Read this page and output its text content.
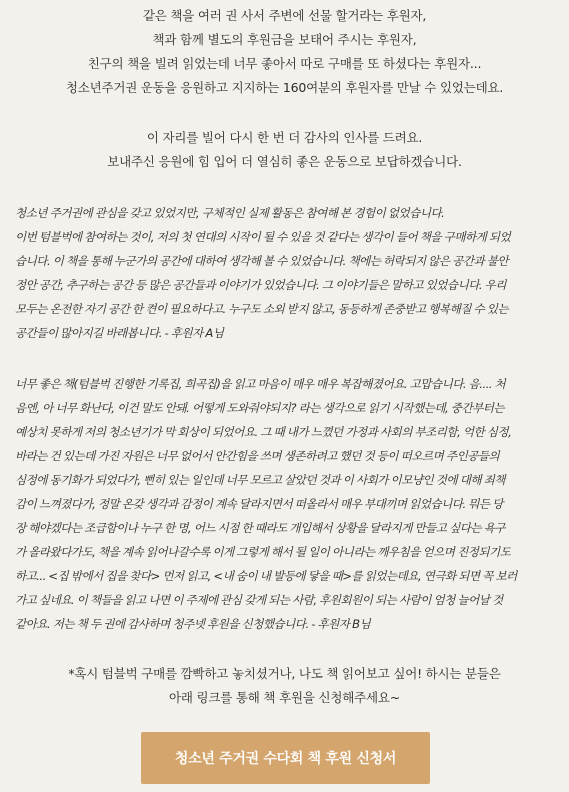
같은 책을 여러 권 사서 주변에 선물 할거라는 후원자,
책과 함께 별도의 후원금을 보태어 주시는 후원자,
친구의 책을 빌려 읽었는데 너무 좋아서 따로 구매를 또 하셨다는 후원자...
청소년주거권 운동을 응원하고 지지하는 160여분의 후원자를 만날 수 있었는데요.
이 자리를 빌어 다시 한 번 더 감사의 인사를 드려요.
보내주신 응원에 힘 입어 더 열심히 좋은 운동으로 보답하겠습니다.
청소년 주거권에 관심을 갖고 있었지만, 구체적인 실제 활동은 참여해 본 경험이 없었습니다.
이번 텀블벅에 참여하는 것이, 저의 첫 연대의 시작이 될 수 있을 것 같다는 생각이 들어 책을 구매하게 되었
습니다. 이 책을 통해 누군가의 공간에 대하여 생각해 볼 수 있었습니다. 책에는 허락되지 않은 공간과 불안
정안 공간, 추구하는 공간 등 많은 공간들과 이야기가 있었습니다. 그 이야기들은 말하고 있었습니다. 우리
모두는 온전한 자기 공간 한 켠이 필요하다고. 누구도 소외 받지 않고, 동등하게 존중받고 행복해질 수 있는
공간들이 많아지길 바래봅니다. - 후원자 A님
너무 좋은 책(텀블벅 진행한 기록집, 희곡집)을 읽고 마음이 매우 매우 복잡해졌어요. 고맙습니다. 음.... 처
음엔, 아 너무 화난다, 이건 말도 안돼. 어떻게 도와줘야되지? 라는 생각으로 읽기 시작했는데, 중간부터는
예상치 못하게 저의 청소년기가 막 회상이 되었어요. 그 때 내가 느꼈던 가정과 사회의 부조리함, 억한 심정,
바라는 건 있는데 가진 자원은 너무 없어서 안간힘을 쓰며 생존하려고 했던 것 등이 떠오르며 주인공들의
심정에 동기화가 되었다가, 뻔히 있는 일인데 너무 모르고 살았던 것과 이 사회가 이모냥인 것에 대해 죄책
감이 느껴졌다가, 정말 온갖 생각과 감정이 계속 달라지면서 떠올라서 매우 부대끼며 읽었습니다. 뭐든 당
장 해야겠다는 조급함이나 누구 한 명, 어느 시점 한 때라도 개입해서 상황을 달라지게 만들고 싶다는 욕구
가 올라왔다가도, 책을 계속 읽어나갈수록 이게 그렇게 해서 될 일이 아니라는 깨우침을 얻으며 진정되기도
하고... <집 밖에서 집을 찾다> 먼저 읽고, <내 숨이 내 발등에 닿을 때>를 읽었는데요, 연극화 되면 꼭 보러
가고 싶네요. 이 책들을 읽고 나면 이 주제에 관심 갖게 되는 사람, 후원회원이 되는 사람이 엄청 늘어날 것
같아요. 저는 책 두 권에 감사하며 청주넷 후원을 신청했습니다. - 후원자 B님
*혹시 텀블벅 구매를 깜빡하고 놓치셨거나, 나도 책 읽어보고 싶어! 하시는 분들은
아래 링크를 통해 책 후원을 신청해주세요~
청소년 주거권 수다회 책 후원 신청서
